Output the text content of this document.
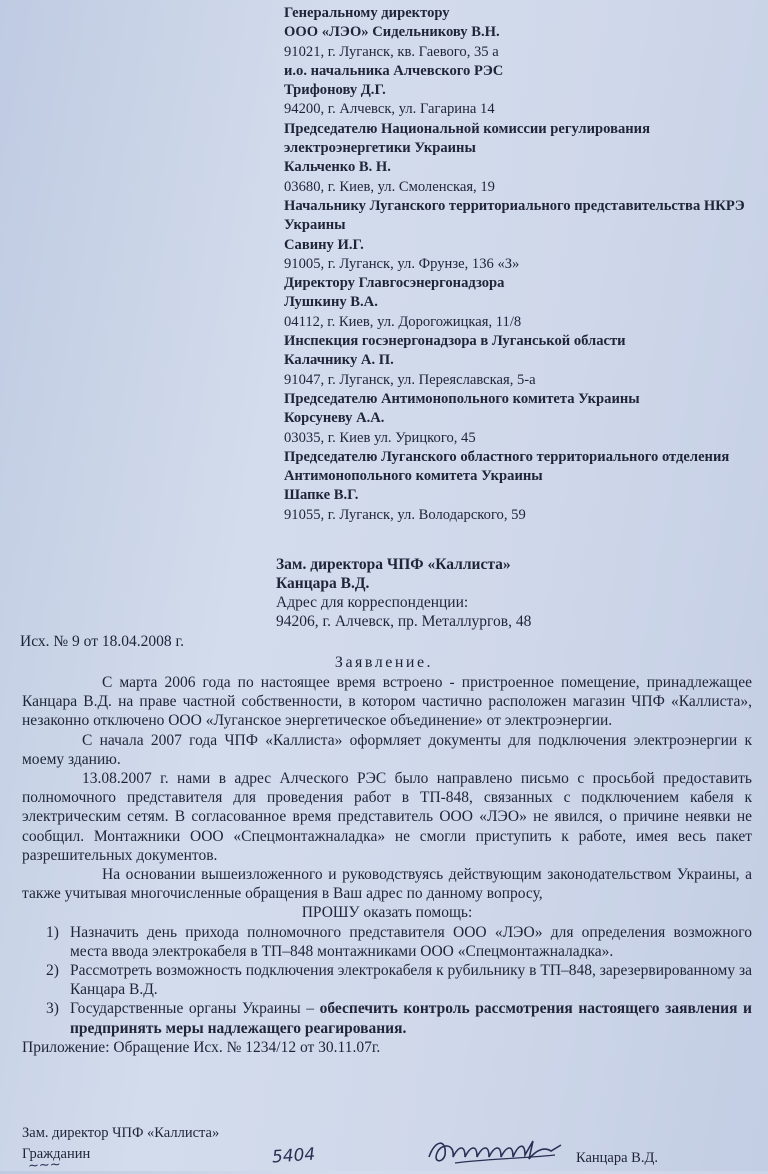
Генеральному директору
ООО «ЛЭО» Сидельникову В.Н.
91021, г. Луганск, кв. Гаевого, 35 а
и.о. начальника Алчевского РЭС
Трифонову Д.Г.
94200, г. Алчевск, ул. Гагарина 14
Председателю Национальной комиссии регулирования электроэнергетики Украины
Кальченко В. Н.
03680, г. Киев, ул. Смоленская, 19
Начальнику Луганского территориального представительства НКРЭ Украины
Савину И.Г.
91005, г. Луганск, ул. Фрунзе, 136 «З»
Директору Главгосэнергонадзора
Лушкину В.А.
04112, г. Киев, ул. Дорогожицкая, 11/8
Инспекция госэнергонадзора в Луганськой области
Калачнику А. П.
91047, г. Луганск, ул. Переяславская, 5-а
Председателю Антимонопольного комитета Украины
Корсуневу А.А.
03035, г. Киев ул. Урицкого, 45
Председателю Луганского областного территориального отделения Антимонопольного комитета Украины
Шапке В.Г.
91055, г. Луганск, ул. Володарского, 59
Зам. директора ЧПФ «Каллиста»
Канцара В.Д.
Адрес для корреспонденции:
94206, г. Алчевск, пр. Металлургов, 48
Исх. № 9 от 18.04.2008 г.
Заявление.

С марта 2006 года по настоящее время встроено - пристроенное помещение, принадлежащее Канцара В.Д. на праве частной собственности, в котором частично расположен магазин ЧПФ «Каллиста», незаконно отключено ООО «Луганское энергетическое объединение» от электроэнергии.

С начала 2007 года ЧПФ «Каллиста» оформляет документы для подключения электроэнергии к моему зданию.

13.08.2007 г. нами в адрес Алческого РЭС было направлено письмо с просьбой предоставить полномочного представителя для проведения работ в ТП-848, связанных с подключением кабеля к электрическим сетям. В согласованное время представитель ООО «ЛЭО» не явился, о причине неявки не сообщил. Монтажники ООО «Спецмонтажналадка» не смогли приступить к работе, имея весь пакет разрешительных документов.

На основании вышеизложенного и руководствуясь действующим законодательством Украины, а также учитывая многочисленные обращения в Ваш адрес по данному вопросу,

ПРОШУ оказать помощь:

1) Назначить день прихода полномочного представителя ООО «ЛЭО» для определения возможного места ввода электрокабеля в ТП–848 монтажниками ООО «Спецмонтажналадка».
2) Рассмотреть возможность подключения электрокабеля к рубильнику в ТП–848, зарезервированному за Канцара В.Д.
3) Государственные органы Украины – обеспечить контроль рассмотрения настоящего заявления и предпринять меры надлежащего реагирования.

Приложение: Обращение Исх. № 1234/12 от 30.11.07г.

Зам. директор ЧПФ «Каллиста»
Гражданин
~~~	5404	Канцара В.Д.
